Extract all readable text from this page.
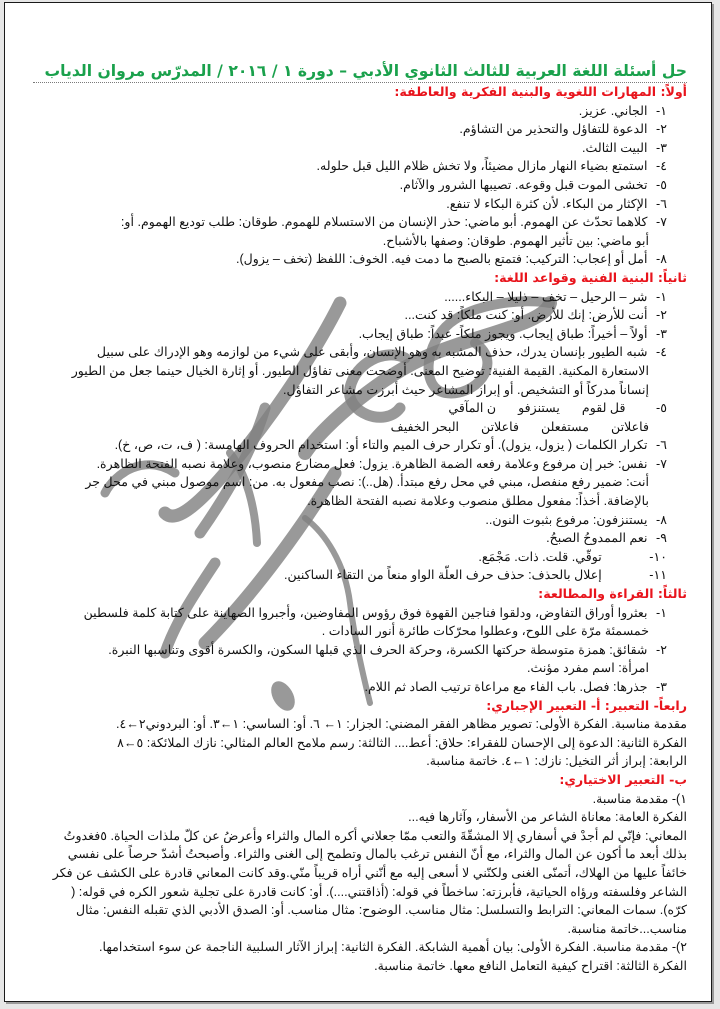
حل أسئلة اللغة العربية للثالث الثانوي الأدبي – دورة ١ / ٢٠١٦ / المدرّس مروان الدياب
أولاً: المهارات اللغوية والبنية الفكرية والعاطفة:
١- الجاني. عزيز.
٢- الدعوة للتفاؤل والتحذير من التشاؤم.
٣- البيت الثالث.
٤- استمتع بضياء النهار مازال مضيئاً، ولا تخش ظلام الليل قبل حلوله.
٥- تخشى الموت قبل وقوعه. تصيبها الشرور والآثام.
٦- الإكثار من البكاء. لأن كثرة البكاء لا تنفع.
٧- كلاهما تحدّث عن الهموم. أبو ماضي: حذر الإنسان من الاستسلام للهموم. طوقان: طلب توديع الهموم. أو:
أبو ماضي: بين تأثير الهموم. طوقان: وصفها بالأشباح.
٨- أمل أو إعجاب: التركيب: فتمتع بالصبح ما دمت فيه. الخوف: اللفظ (تخف – يزول).
ثانياً: البنية الفنية وقواعد اللغة:
١- شر – الرحيل – تخف – ذليلا – البكاء......
٢- أنت للأرض: إنك للأرض. أو: كنت ملكاً: قد كنت...
٣- أولاً – أخيراً: طباق إيجاب. ويجوز ملكاً- عبداً: طباق إيجاب.
٤- شبه الطيور بإنسان يدرك، حذف المشبه به وهو الإنسان، وأبقى على شيء من لوازمه وهو الإدراك على سبيل
الاستعارة المكنية. القيمة الفنية: توضيح المعنى. أوضحت معنى تفاؤل الطيور. أو إثارة الخيال حينما جعل من الطيور
إنساناً مدركاً أو التشخيص. أو إبراز المشاعر حيث أبرزت مشاعر التفاؤل.
٥- قل لقوميستنزفون المآقي
فاعلاتنمستفعلنفاعلاتنالبحر الخفيف
٦- تكرار الكلمات ( يزول، يزول). أو تكرار حرف الميم والتاء أو: استخدام الحروف الهامسة: ( ف، ت، ص، خ).
٧- نفس: خبر إن مرفوع وعلامة رفعه الضمة الظاهرة. يزول: فعل مضارع منصوب، وعلامة نصبه الفتحة الظاهرة.
أنت: ضمير رفع منفصل، مبني في محل رفع مبتدأ. (هل..): نصب مفعول به. من: اسم موصول مبني في محل جر
بالإضافة. أخذاً: مفعول مطلق منصوب وعلامة نصبه الفتحة الظاهرة.
٨- يستنزفون: مرفوع بثبوت النون..
٩- نعم الممدوحُ الصبحُ.
١٠- توقّي. قلت. ذات. مَجْمَع.
١١- إعلال بالحذف: حذف حرف العلّة الواو منعاً من التقاء الساكنين.
ثالثاً: القراءة والمطالعة:
١- بعثروا أوراق التفاوض، ودلقوا فناجين القهوة فوق رؤوس المفاوضين، وأجبروا الصهاينة على كتابة كلمة فلسطين
خمسمئة مرّة على اللوح، وعطلوا محرّكات طائرة أنور السادات .
٢- شقائق: همزة متوسطة حركتها الكسرة، وحركة الحرف الذي قبلها السكون، والكسرة أقوى وتناسبها النبرة.
امرأة: اسم مفرد مؤنث.
٣- جذرها: فصل. باب الفاء مع مراعاة ترتيب الصاد ثم اللام.
رابعاً- التعبير: أ- التعبير الإجباري:
مقدمة مناسبة. الفكرة الأولى: تصوير مظاهر الفقر المضني: الجزار: ١← ٦. أو: الساسي: ١←٣. أو: البردوني٢←٤.
الفكرة الثانية: الدعوة إلى الإحسان للفقراء: حلاق: أعط.... الثالثة: رسم ملامح العالم المثالي: نازك الملائكة: ٥←٨
الرابعة: إبراز أثر التخيل: نازك: ١←٤. خاتمة مناسبة.
ب- التعبير الاختياري:
١)- مقدمة مناسبة.
الفكرة العامة: معاناة الشاعر من الأسفار، وآثارها فيه...
المعاني: فإنّي لم أجدْ في أسفاري إلا المشقّةَ والتعب ممّا جعلاني أكره المال والثراء وأعرضُ عن كلّ ملذات الحياة. ٥فغدوتُ
بذلك أبعد ما أكون عن المال والثراء، مع أنّ النفس ترغب بالمال وتطمح إلى الغنى والثراء. وأصبحتُ أشدّ حرصاً على نفسي
خائفاً عليها من الهلاك، أتمنّى الغنى ولكنّني لا أسعى إليه مع أنّني أراه قريباً منّي.وقد كانت المعاني قادرة على الكشف عن فكر
الشاعر وفلسفته ورؤاه الحياتية، فأبرزته: ساخطاً في قوله: (أذاقتني....). أو: كانت قادرة على تجلية شعور الكره في قوله: (
كرّه). سمات المعاني: الترابط والتسلسل: مثال مناسب. الوضوح: مثال مناسب. أو: الصدق الأدبي الذي تقبله النفس: مثال
مناسب...خاتمة مناسبة.
٢)- مقدمة مناسبة. الفكرة الأولى: بيان أهمية الشابكة. الفكرة الثانية: إبراز الآثار السلبية الناجمة عن سوء استخدامها.
الفكرة الثالثة: اقتراح كيفية التعامل النافع معها. خاتمة مناسبة.
